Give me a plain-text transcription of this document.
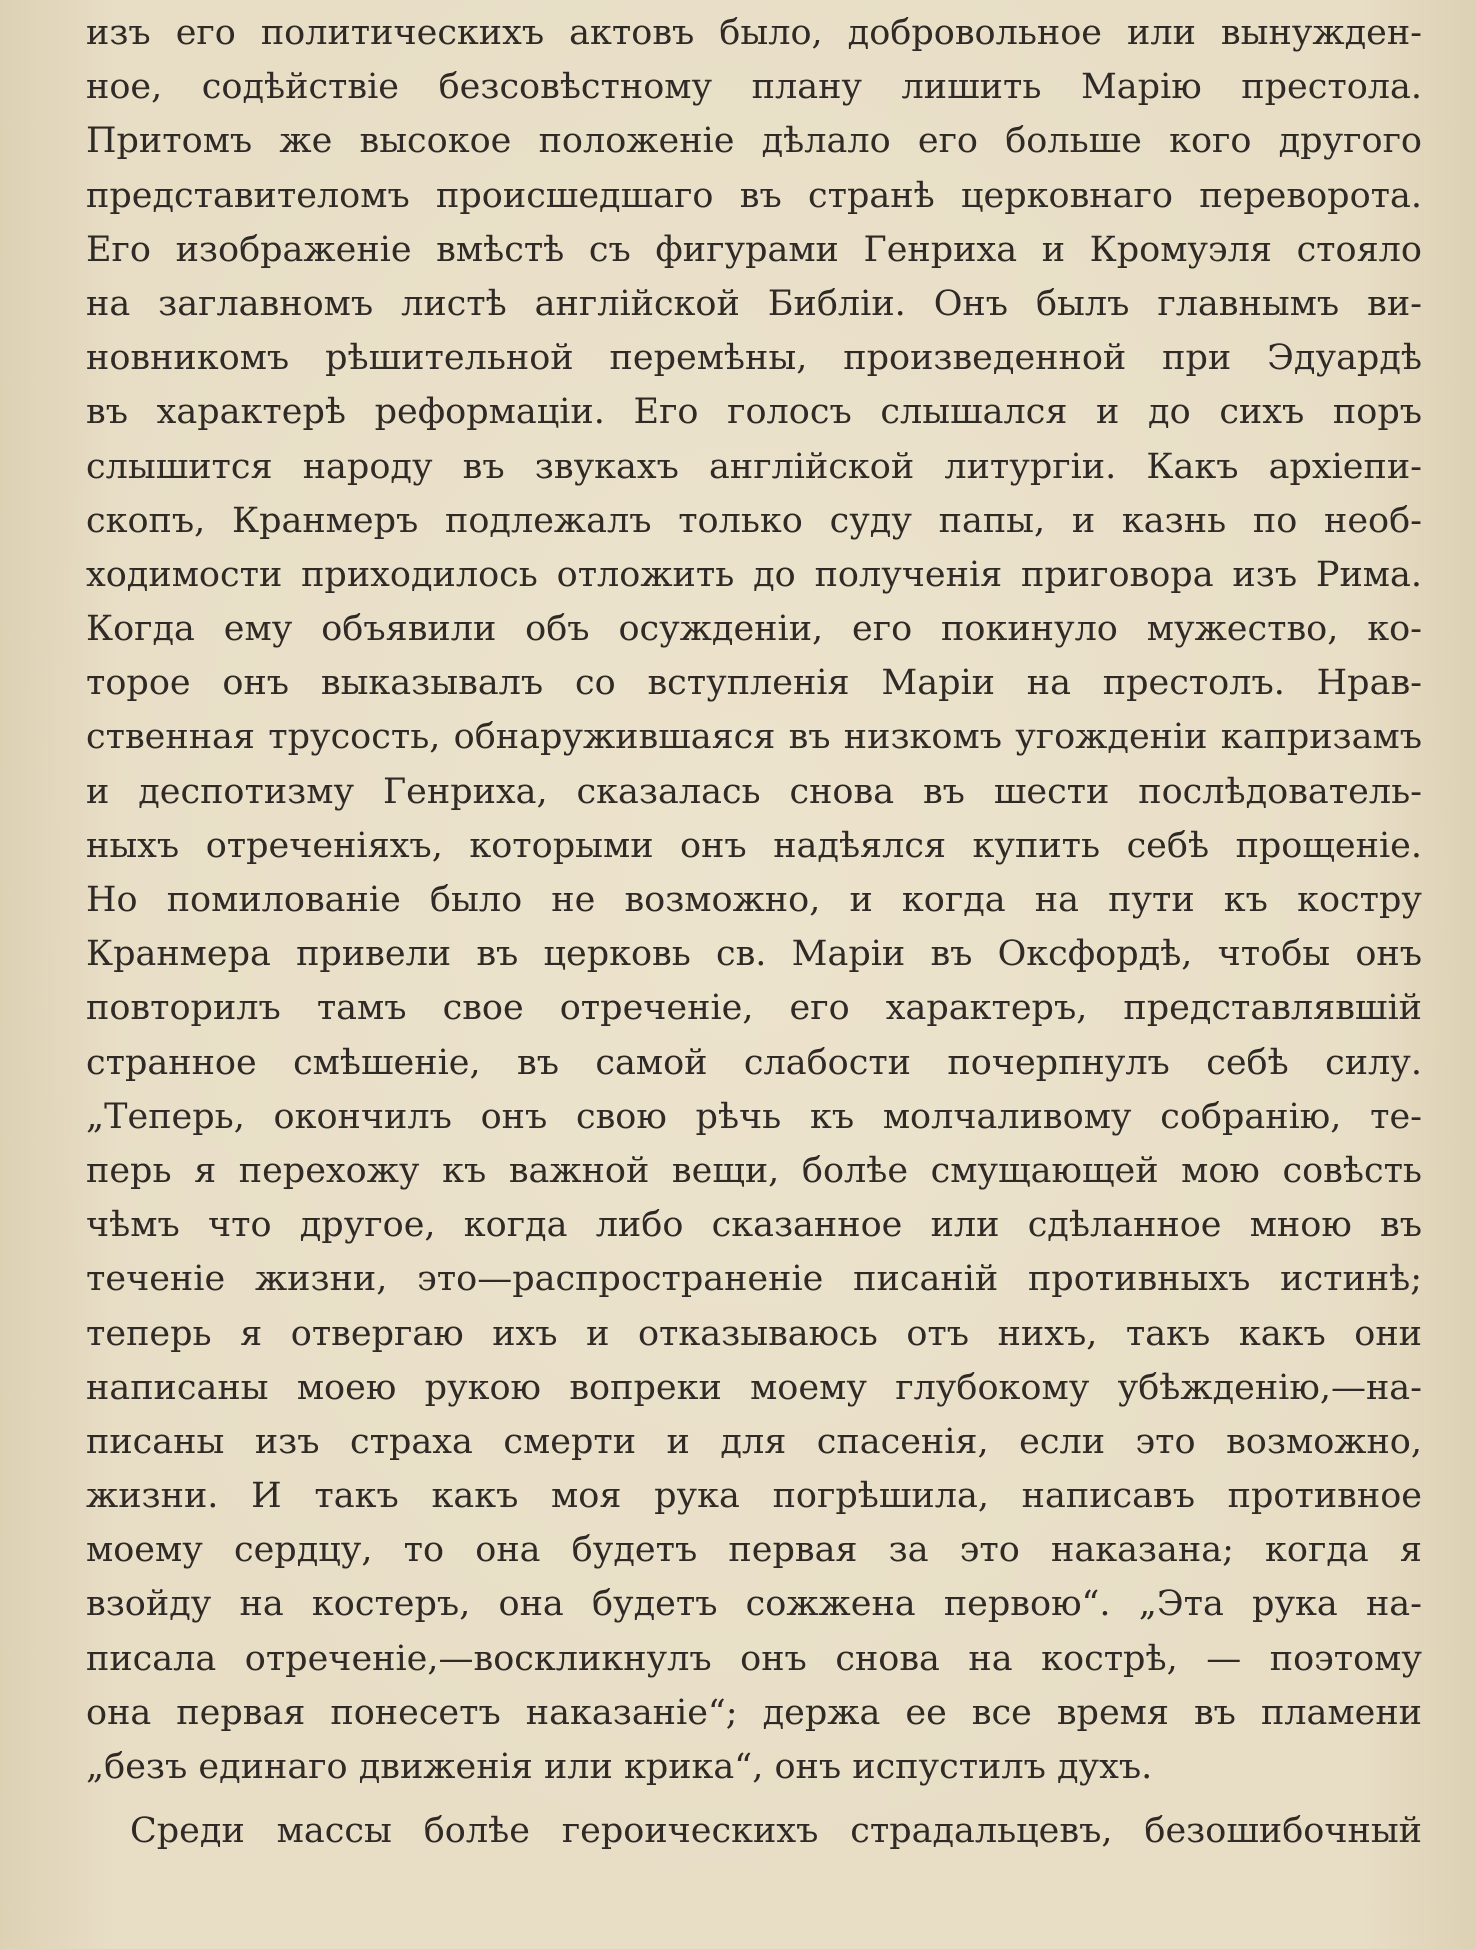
изъ его политическихъ актовъ было, добровольное или вынужден-
ное, содѣйствіе безсовѣстному плану лишить Марію престола.
Притомъ же высокое положеніе дѣлало его больше кого другого
представителомъ происшедшаго въ странѣ церковнаго переворота.
Его изображеніе вмѣстѣ съ фигурами Генриха и Кромуэля стояло
на заглавномъ листѣ англійской Библіи. Онъ былъ главнымъ ви-
новникомъ рѣшительной перемѣны, произведенной при Эдуардѣ
въ характерѣ реформаціи. Его голосъ слышался и до сихъ поръ
слышится народу въ звукахъ англійской литургіи. Какъ архіепи-
скопъ, Кранмеръ подлежалъ только суду папы, и казнь по необ-
ходимости приходилось отложить до полученія приговора изъ Рима.
Когда ему объявили объ осужденіи, его покинуло мужество, ко-
торое онъ выказывалъ со вступленія Маріи на престолъ. Нрав-
ственная трусость, обнаружившаяся въ низкомъ угожденіи капризамъ
и деспотизму Генриха, сказалась снова въ шести послѣдователь-
ныхъ отреченіяхъ, которыми онъ надѣялся купить себѣ прощеніе.
Но помилованіе было не возможно, и когда на пути къ костру
Кранмера привели въ церковь св. Маріи въ Оксфордѣ, чтобы онъ
повторилъ тамъ свое отреченіе, его характеръ, представлявшій
странное смѣшеніе, въ самой слабости почерпнулъ себѣ силу.
„Теперь, окончилъ онъ свою рѣчь къ молчаливому собранію, те-
перь я перехожу къ важной вещи, болѣе смущающей мою совѣсть
чѣмъ что другое, когда либо сказанное или сдѣланное мною въ
теченіе жизни, это—распространеніе писаній противныхъ истинѣ;
теперь я отвергаю ихъ и отказываюсь отъ нихъ, такъ какъ они
написаны моею рукою вопреки моему глубокому убѣжденію,—на-
писаны изъ страха смерти и для спасенія, если это возможно,
жизни. И такъ какъ моя рука погрѣшила, написавъ противное
моему сердцу, то она будетъ первая за это наказана; когда я
взойду на костеръ, она будетъ сожжена первою“. „Эта рука на-
писала отреченіе,—воскликнулъ онъ снова на кострѣ, — поэтому
она первая понесетъ наказаніе“; держа ее все время въ пламени
„безъ единаго движенія или крика“, онъ испустилъ духъ.
Среди массы болѣе героическихъ страдальцевъ, безошибочный
